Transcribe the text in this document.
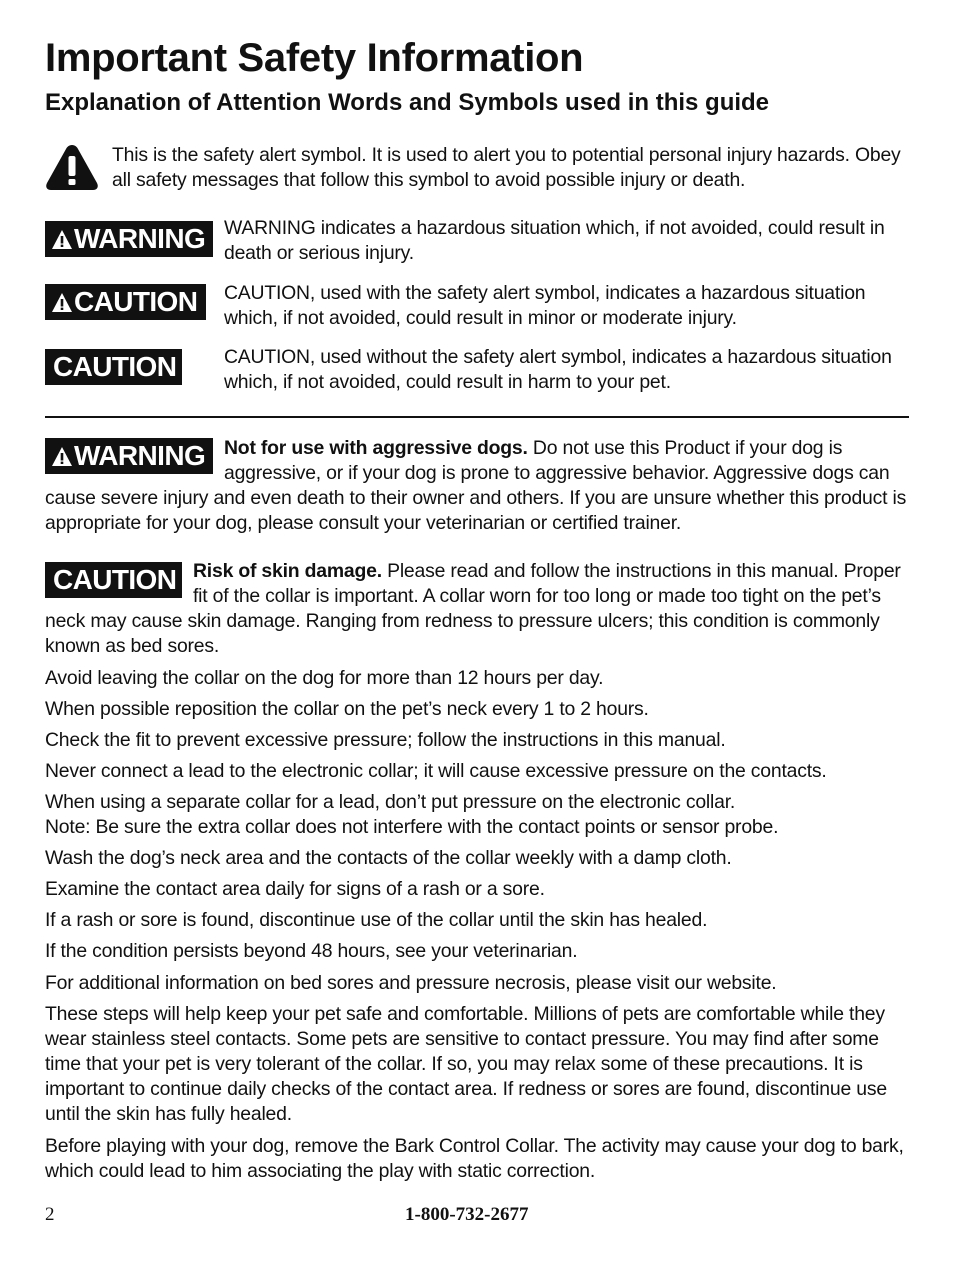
Important Safety Information
Explanation of Attention Words and Symbols used in this guide

This is the safety alert symbol. It is used to alert you to potential personal injury hazards. Obey all safety messages that follow this symbol to avoid possible injury or death.

WARNING WARNING indicates a hazardous situation which, if not avoided, could result in death or serious injury.

CAUTION CAUTION, used with the safety alert symbol, indicates a hazardous situation which, if not avoided, could result in minor or moderate injury.

CAUTION CAUTION, used without the safety alert symbol, indicates a hazardous situation which, if not avoided, could result in harm to your pet.

WARNING Not for use with aggressive dogs. Do not use this Product if your dog is aggressive, or if your dog is prone to aggressive behavior. Aggressive dogs can cause severe injury and even death to their owner and others. If you are unsure whether this product is appropriate for your dog, please consult your veterinarian or certified trainer.
CAUTION Risk of skin damage. Please read and follow the instructions in this manual. Proper fit of the collar is important. A collar worn for too long or made too tight on the pet’s neck may cause skin damage. Ranging from redness to pressure ulcers; this condition is commonly known as bed sores.

Avoid leaving the collar on the dog for more than 12 hours per day.

When possible reposition the collar on the pet’s neck every 1 to 2 hours.

Check the fit to prevent excessive pressure; follow the instructions in this manual.

Never connect a lead to the electronic collar; it will cause excessive pressure on the contacts.

When using a separate collar for a lead, don’t put pressure on the electronic collar.

Note: Be sure the extra collar does not interfere with the contact points or sensor probe.

Wash the dog’s neck area and the contacts of the collar weekly with a damp cloth.

Examine the contact area daily for signs of a rash or a sore.

If a rash or sore is found, discontinue use of the collar until the skin has healed.

If the condition persists beyond 48 hours, see your veterinarian.

For additional information on bed sores and pressure necrosis, please visit our website.

These steps will help keep your pet safe and comfortable. Millions of pets are comfortable while they wear stainless steel contacts. Some pets are sensitive to contact pressure. You may find after some time that your pet is very tolerant of the collar. If so, you may relax some of these precautions. It is important to continue daily checks of the contact area. If redness or sores are found, discontinue use until the skin has fully healed.

Before playing with your dog, remove the Bark Control Collar. The activity may cause your dog to bark, which could lead to him associating the play with static correction.

2	1-800-732-2677
